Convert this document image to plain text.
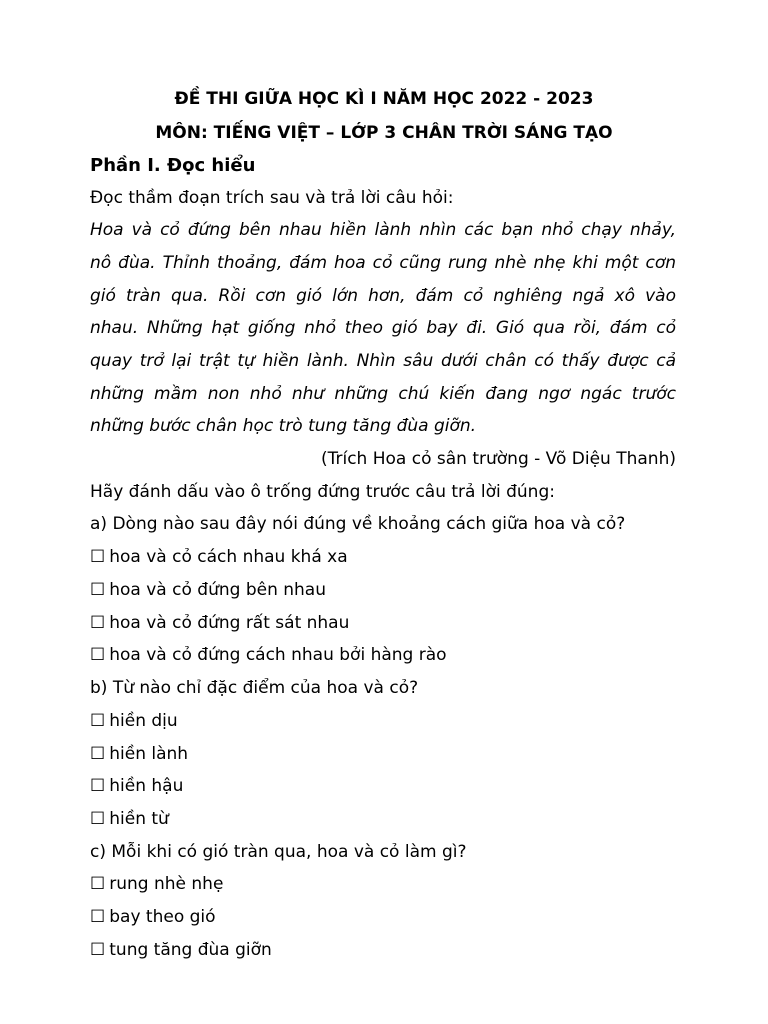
ĐỀ THI GIỮA HỌC KÌ I NĂM HỌC 2022 - 2023
MÔN: TIẾNG VIỆT – LỚP 3 CHÂN TRỜI SÁNG TẠO
Phần I. Đọc hiểu
Đọc thầm đoạn trích sau và trả lời câu hỏi:
Hoa và cỏ đứng bên nhau hiền lành nhìn các bạn nhỏ chạy nhảy,
nô đùa. Thỉnh thoảng, đám hoa cỏ cũng rung nhè nhẹ khi một cơn
gió tràn qua. Rồi cơn gió lớn hơn, đám cỏ nghiêng ngả xô vào
nhau. Những hạt giống nhỏ theo gió bay đi. Gió qua rồi, đám cỏ
quay trở lại trật tự hiền lành. Nhìn sâu dưới chân có thấy được cả
những mầm non nhỏ như những chú kiến đang ngơ ngác trước
những bước chân học trò tung tăng đùa giỡn.
(Trích Hoa cỏ sân trường - Võ Diệu Thanh)
Hãy đánh dấu vào ô trống đứng trước câu trả lời đúng:
a) Dòng nào sau đây nói đúng về khoảng cách giữa hoa và cỏ?
☐ hoa và cỏ cách nhau khá xa
☐ hoa và cỏ đứng bên nhau
☐ hoa và cỏ đứng rất sát nhau
☐ hoa và cỏ đứng cách nhau bởi hàng rào
b) Từ nào chỉ đặc điểm của hoa và cỏ?
☐ hiền dịu
☐ hiền lành
☐ hiền hậu
☐ hiền từ
c) Mỗi khi có gió tràn qua, hoa và cỏ làm gì?
☐ rung nhè nhẹ
☐ bay theo gió
☐ tung tăng đùa giỡn
